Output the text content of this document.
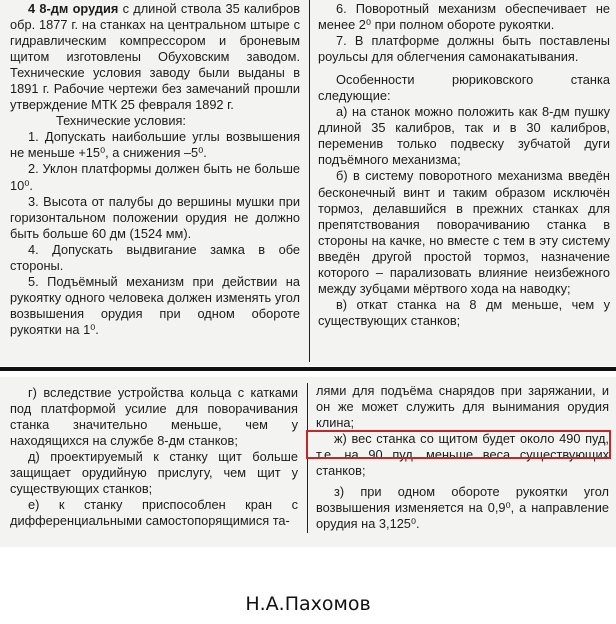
4 8-дм орудия с длиной ствола 35 калибров обр. 1877 г. на станках на центральном штыре с гидравлическим компрессором и броневым щитом изготовлены Обуховским заводом. Технические условия заводу были выданы в 1891 г. Рабочие чертежи без замечаний прошли утверждение МТК 25 февраля 1892 г.

Технические условия:

1. Допускать наибольшие углы возвышения не меньше +15⁰, а снижения –5⁰.

2. Уклон платформы должен быть не больше 10⁰.

3. Высота от палубы до вершины мушки при горизонтальном положении орудия не должно быть больше 60 дм (1524 мм).

4. Допускать выдвигание замка в обе стороны.

5. Подъёмный механизм при действии на рукоятку одного человека должен изменять угол возвышения орудия при одном обороте рукоятки на 1⁰.

6. Поворотный механизм обеспечивает не менее 2⁰ при полном обороте рукоятки.

7. В платформе должны быть поставлены роульсы для облегчения самонакатывания.

Особенности рюриковского станка следующие:

а) на станок можно положить как 8-дм пушку длиной 35 калибров, так и в 30 калибров, переменив только подвеску зубчатой дуги подъёмного механизма;

б) в систему поворотного механизма введён бесконечный винт и таким образом исключён тормоз, делавшийся в прежних станках для препятствования поворачиванию станка в стороны на качке, но вместе с тем в эту систему введён другой простой тормоз, назначение которого – парализовать влияние неизбежного между зубцами мёртвого хода на наводку;

в) откат станка на 8 дм меньше, чем у существующих станков;

г) вследствие устройства кольца с катками под платформой усилие для поворачивания станка значительно меньше, чем у находящихся на службе 8-дм станков;

д) проектируемый к станку щит больше защищает орудийную прислугу, чем щит у существующих станков;

е) к станку приспособлен кран с дифференциальными самостопорящимися та-

лями для подъёма снарядов при заряжании, и он же может служить для вынимания орудия клина;

ж) вес станка со щитом будет около 490 пуд, т.е. на 90 пуд. меньше веса существующих станков;

з) при одном обороте рукоятки угол возвышения изменяется на 0,9⁰, а направление орудия на 3,125⁰.

Н.А.Пахомов
